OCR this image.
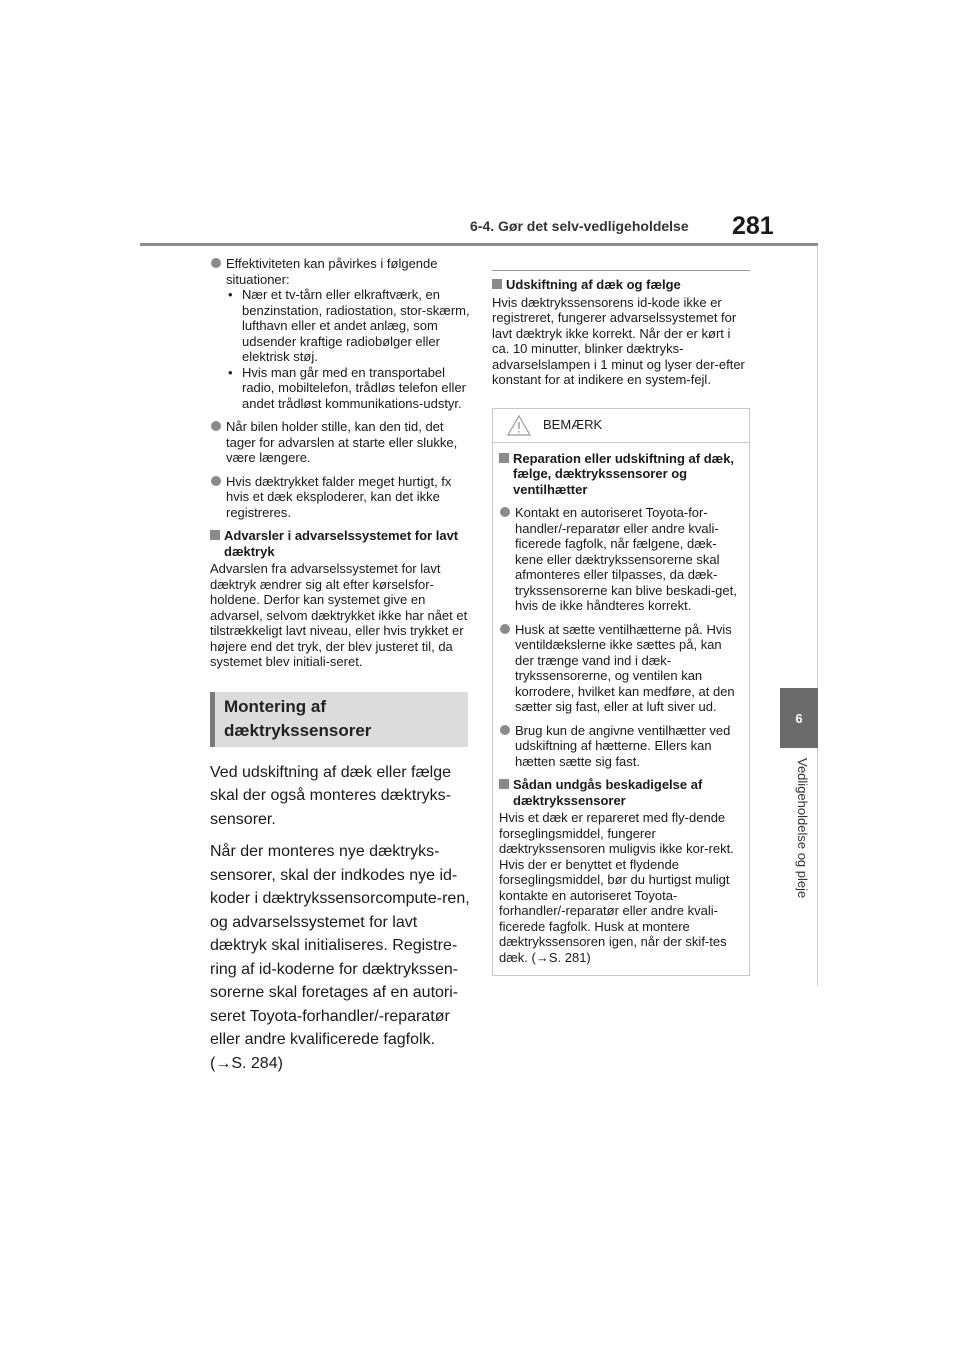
6-4. Gør det selv-vedligeholdelse 281
6
Vedligeholdelse og pleje
Effektiviteten kan påvirkes i følgende situationer:
• Nær et tv-tårn eller elkraftværk, en benzinstation, radiostation, stor-skærm, lufthavn eller et andet anlæg, som udsender kraftige radiobølger eller elektrisk støj.
• Hvis man går med en transportabel radio, mobiltelefon, trådløs telefon eller andet trådløst kommunikations-udstyr.
Når bilen holder stille, kan den tid, det tager for advarslen at starte eller slukke, være længere.
Hvis dæktrykket falder meget hurtigt, fx hvis et dæk eksploderer, kan det ikke registreres.
Advarsler i advarselssystemet for lavt dæktryk
Advarslen fra advarselssystemet for lavt dæktryk ændrer sig alt efter kørselsfor-holdene. Derfor kan systemet give en advarsel, selvom dæktrykket ikke har nået et tilstrækkeligt lavt niveau, eller hvis trykket er højere end det tryk, der blev justeret til, da systemet blev initiali-seret.
Montering af
dæktrykssensorer
Ved udskiftning af dæk eller fælge skal der også monteres dæktryks-sensorer.
Når der monteres nye dæktryks-sensorer, skal der indkodes nye id-koder i dæktrykssensorcompute-ren, og advarselssystemet for lavt dæktryk skal initialiseres. Registre-ring af id-koderne for dæktrykssen-sorerne skal foretages af en autori-seret Toyota-forhandler/-reparatør eller andre kvalificerede fagfolk.
(→S. 284)
Udskiftning af dæk og fælge
Hvis dæktrykssensorens id-kode ikke er registreret, fungerer advarselssystemet for lavt dæktryk ikke korrekt. Når der er kørt i ca. 10 minutter, blinker dæktryks-advarselslampen i 1 minut og lyser der-efter konstant for at indikere en system-fejl.
BEMÆRK
Reparation eller udskiftning af dæk, fælge, dæktrykssensorer og ventilhætter
Kontakt en autoriseret Toyota-for-handler/-reparatør eller andre kvali-ficerede fagfolk, når fælgene, dæk-kene eller dæktrykssensorerne skal afmonteres eller tilpasses, da dæk-trykssensorerne kan blive beskadi-get, hvis de ikke håndteres korrekt.
Husk at sætte ventilhætterne på. Hvis ventildækslerne ikke sættes på, kan der trænge vand ind i dæk-trykssensorerne, og ventilen kan korrodere, hvilket kan medføre, at den sætter sig fast, eller at luft siver ud.
Brug kun de angivne ventilhætter ved udskiftning af hætterne. Ellers kan hætten sætte sig fast.
Sådan undgås beskadigelse af dæktrykssensorer
Hvis et dæk er repareret med fly-dende forseglingsmiddel, fungerer dæktrykssensoren muligvis ikke kor-rekt. Hvis der er benyttet et flydende forseglingsmiddel, bør du hurtigst muligt kontakte en autoriseret Toyota-forhandler/-reparatør eller andre kvali-ficerede fagfolk. Husk at montere dæktrykssensoren igen, når der skif-tes dæk. (→S. 281)
